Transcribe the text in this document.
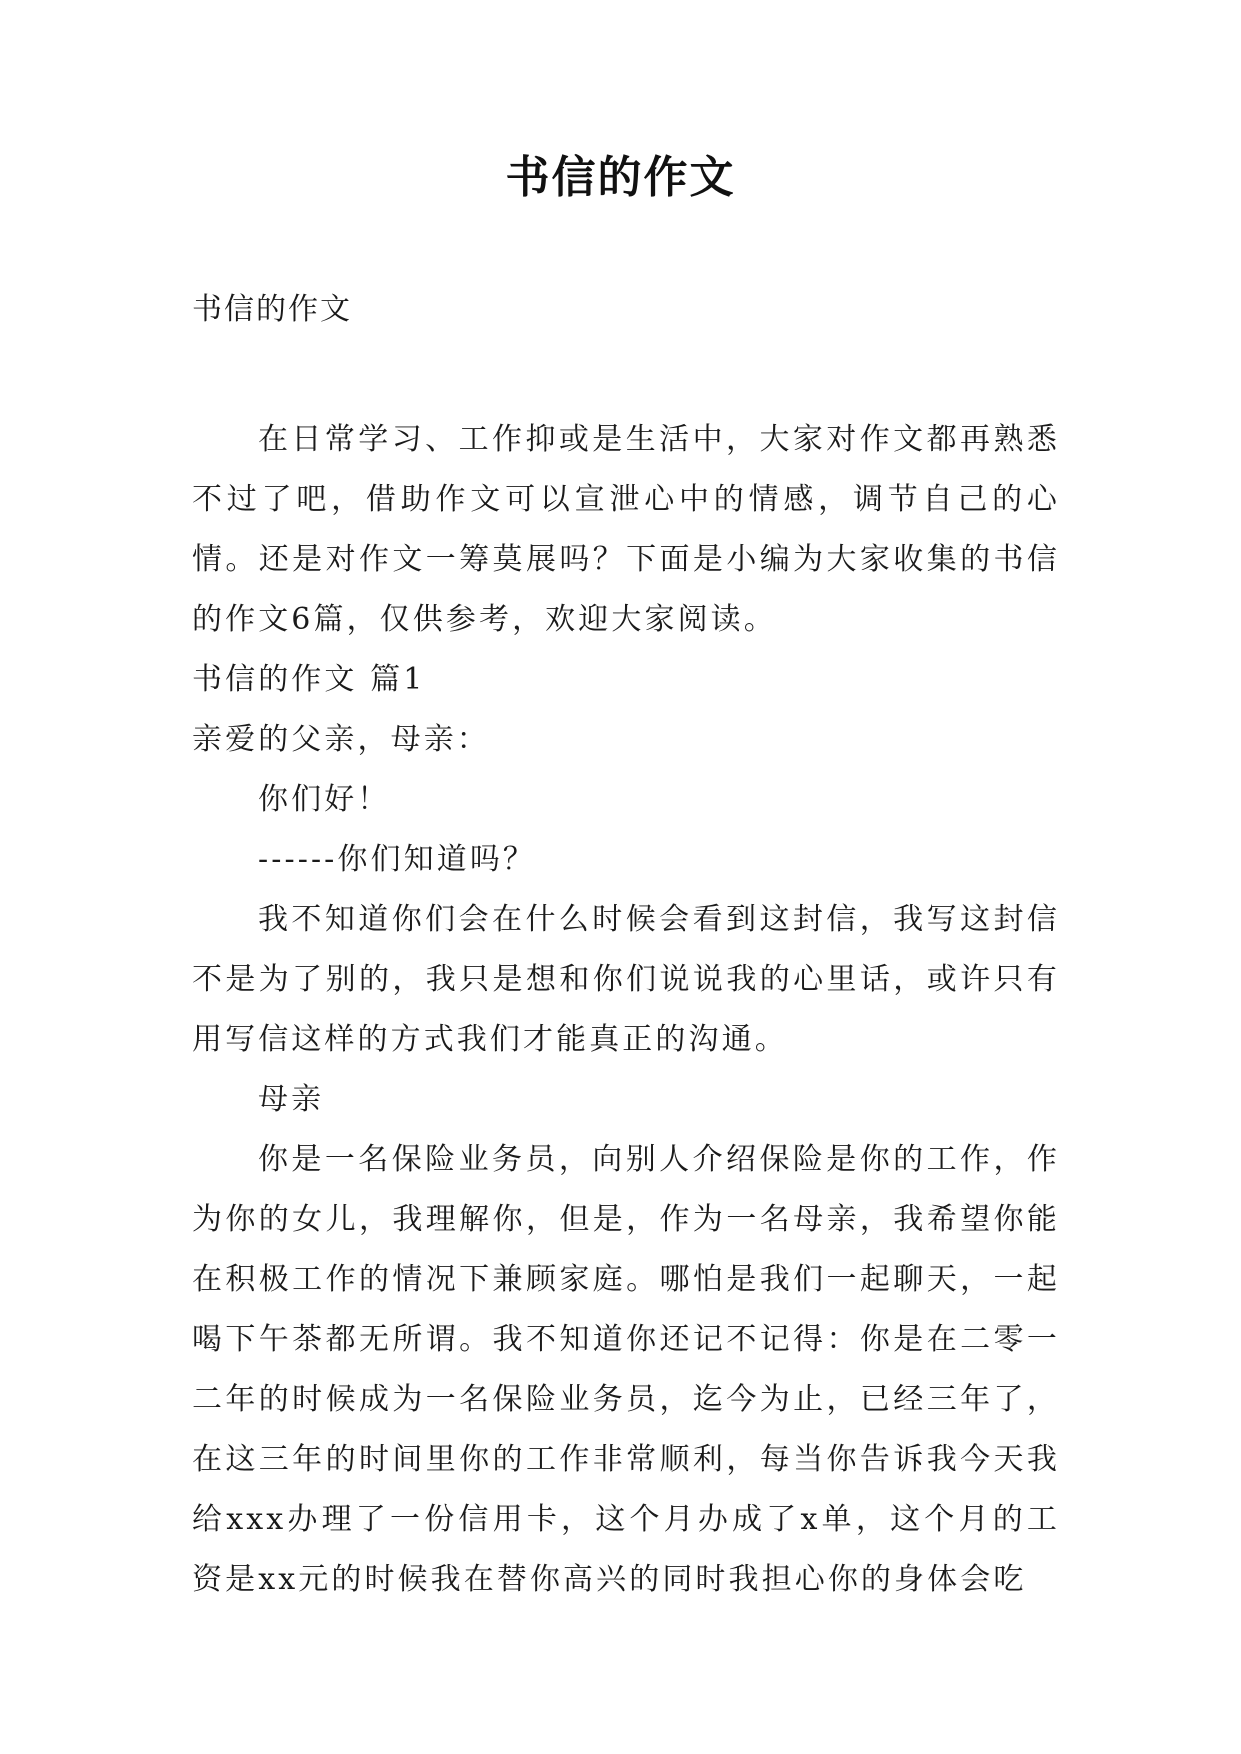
书信的作文

书信的作文

在日常学习、工作抑或是生活中，大家对作文都再熟悉不过了吧，借助作文可以宣泄心中的情感，调节自己的心情。还是对作文一筹莫展吗？下面是小编为大家收集的书信的作文6篇，仅供参考，欢迎大家阅读。

书信的作文 篇1

亲爱的父亲，母亲：

你们好！

------你们知道吗？

我不知道你们会在什么时候会看到这封信，我写这封信不是为了别的，我只是想和你们说说我的心里话，或许只有用写信这样的方式我们才能真正的沟通。

母亲

你是一名保险业务员，向别人介绍保险是你的工作，作为你的女儿，我理解你，但是，作为一名母亲，我希望你能在积极工作的情况下兼顾家庭。哪怕是我们一起聊天，一起喝下午茶都无所谓。我不知道你还记不记得：你是在二零一二年的时候成为一名保险业务员，迄今为止，已经三年了，在这三年的时间里你的工作非常顺利，每当你告诉我今天我给xxx办理了一份信用卡，这个月办成了x单，这个月的工资是xx元的时候我在替你高兴的同时我担心你的身体会吃
